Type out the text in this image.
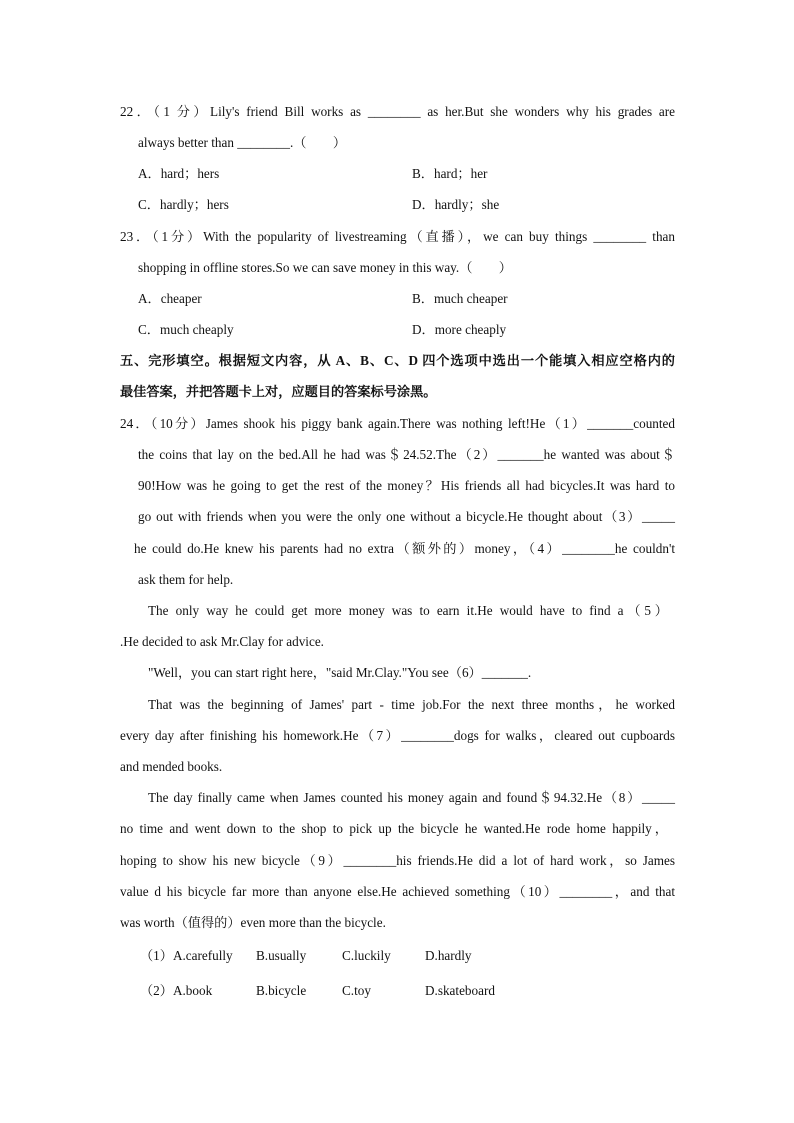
22．（1 分）Lily's friend Bill works as ________ as her.But she wonders why his grades are
always better than ________.（　　）
A．hard；hers	B．hard；her
C．hardly；hers	D．hardly；she
23．（1分）With the popularity of livestreaming（直播），we can buy things ________ than
shopping in offline stores.So we can save money in this way.（　　）
A．cheaper	B．much cheaper
C．much cheaply	D．more cheaply
五、完形填空。根据短文内容，从 A、B、C、D 四个选项中选出一个能填入相应空格内的
最佳答案，并把答题卡上对，应题目的答案标号涂黑。
24．（10分）James shook his piggy bank again.There was nothing left!He（1）_______counted
the coins that lay on the bed.All he had was＄24.52.The（2）_______he wanted was about＄
90!How was he going to get the rest of the money？His friends all had bicycles.It was hard to
go out with friends when you were the only one without a bicycle.He thought about（3）_____
he could do.He knew his parents had no extra（额外的）money，（4）________he couldn't
ask them for help.
The only way he could get more money was to earn it.He would have to find a（5）
.He decided to ask Mr.Clay for advice.
"Well，you can start right here，"said Mr.Clay."You see（6）_______.
That was the beginning of James' part - time job.For the next three months，he worked
every day after finishing his homework.He（7）________dogs for walks，cleared out cupboards
and mended books.
The day finally came when James counted his money again and found＄94.32.He（8）_____
no time and went down to the shop to pick up the bicycle he wanted.He rode home happily，
hoping to show his new bicycle（9）________his friends.He did a lot of hard work，so James
value d his bicycle far more than anyone else.He achieved something（10）________，and that
was worth（值得的）even more than the bicycle.
（1）A.carefully B.usually	C.luckily	D.hardly
（2）A.book	B.bicycle	C.toy	D.skateboard
